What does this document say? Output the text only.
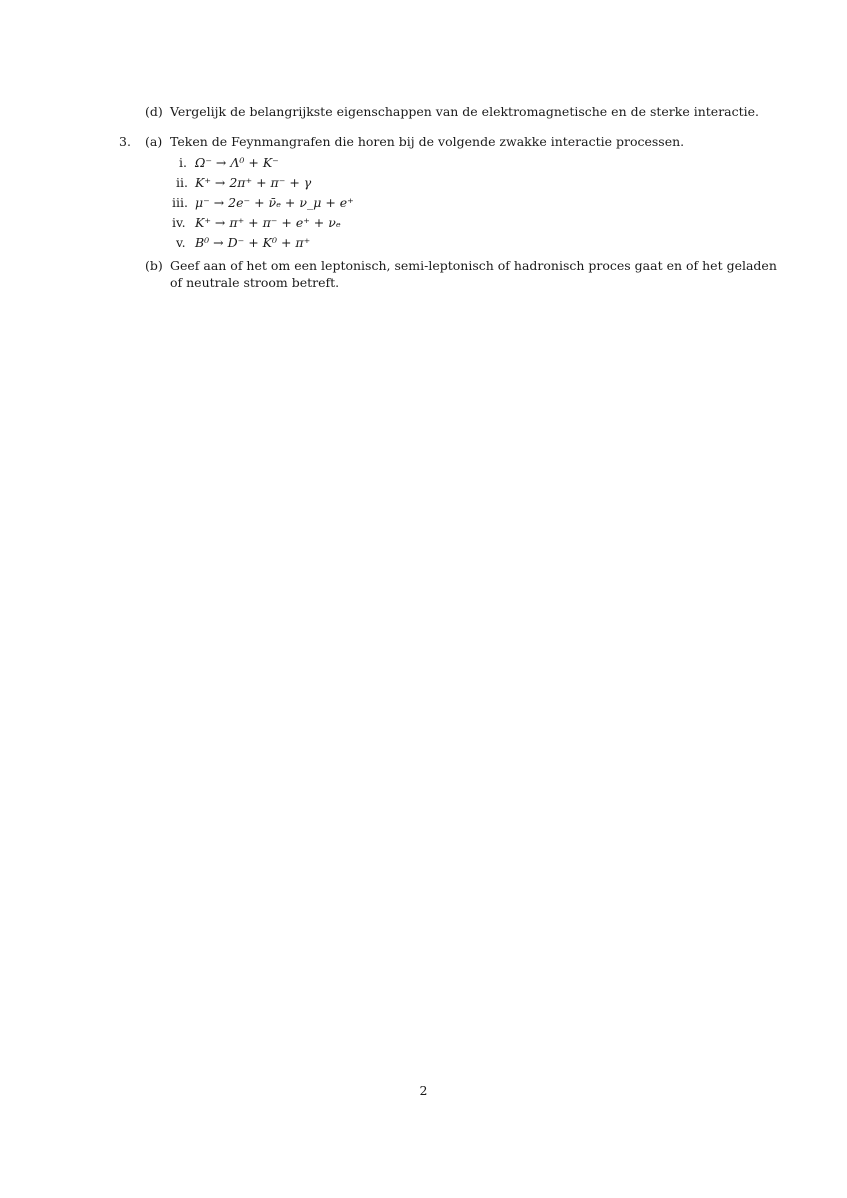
(d) Vergelijk de belangrijkste eigenschappen van de elektromagnetische en de sterke interactie.
3. (a) Teken de Feynmangrafen die horen bij de volgende zwakke interactie processen.
i. Ω⁻ → Λ⁰ + K⁻
ii. K⁺ → 2π⁺ + π⁻ + γ
iii. μ⁻ → 2e⁻ + ν̄ₑ + ν_μ + e⁺
iv. K⁺ → π⁺ + π⁻ + e⁺ + νₑ
v. B⁰ → D⁻ + K⁰ + π⁺
(b) Geef aan of het om een leptonisch, semi-leptonisch of hadronisch proces gaat en of het geladen
of neutrale stroom betreft.
2
